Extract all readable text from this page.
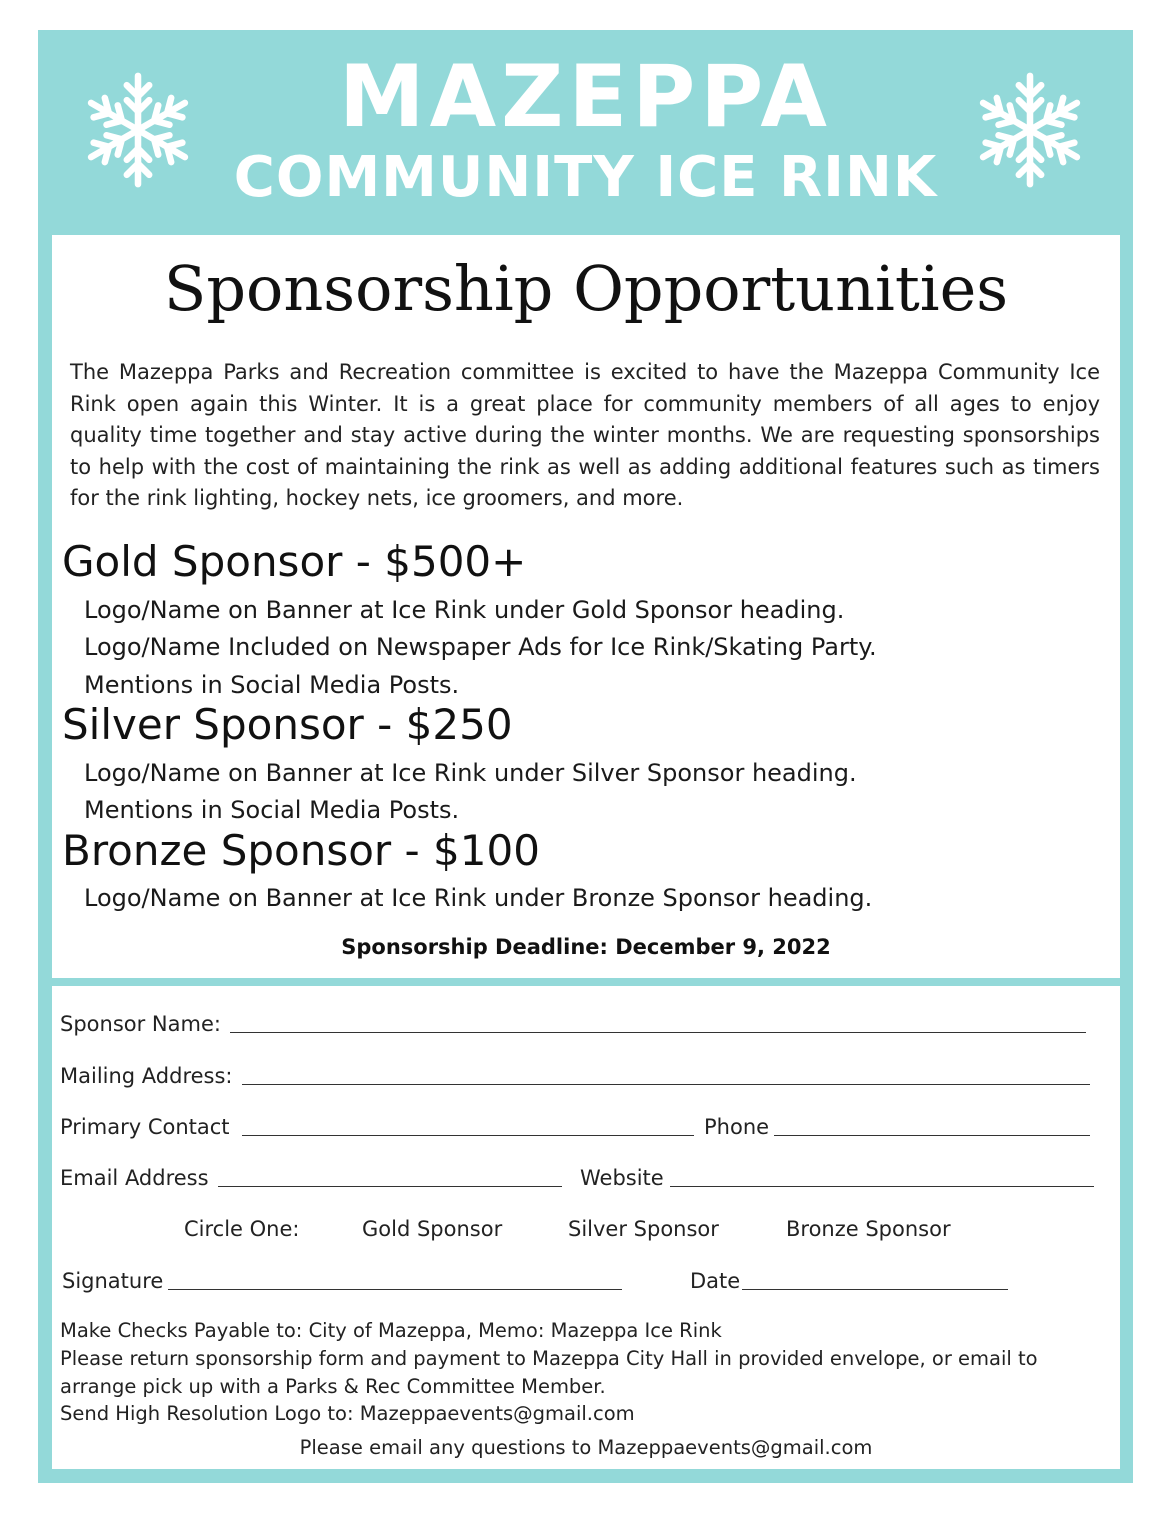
MAZEPPA
COMMUNITY ICE RINK
Sponsorship Opportunities
The Mazeppa Parks and Recreation committee is excited to have the Mazeppa Community Ice Rink open again this Winter. It is a great place for community members of all ages to enjoy quality time together and stay active during the winter months. We are requesting sponsorships to help with the cost of maintaining the rink as well as adding additional features such as timers for the rink lighting, hockey nets, ice groomers, and more.
Gold Sponsor - $500+
Logo/Name on Banner at Ice Rink under Gold Sponsor heading.
Logo/Name Included on Newspaper Ads for Ice Rink/Skating Party.
Mentions in Social Media Posts.
Silver Sponsor - $250
Logo/Name on Banner at Ice Rink under Silver Sponsor heading.
Mentions in Social Media Posts.
Bronze Sponsor - $100
Logo/Name on Banner at Ice Rink under Bronze Sponsor heading.
Sponsorship Deadline: December 9, 2022
Sponsor Name:
Mailing Address:
Primary Contact	Phone
Email Address	Website
Circle One:	Gold Sponsor	Silver Sponsor	Bronze Sponsor
Signature	Date
Make Checks Payable to: City of Mazeppa, Memo: Mazeppa Ice Rink
Please return sponsorship form and payment to Mazeppa City Hall in provided envelope, or email to
arrange pick up with a Parks & Rec Committee Member.
Send High Resolution Logo to: Mazeppaevents@gmail.com
Please email any questions to Mazeppaevents@gmail.com
